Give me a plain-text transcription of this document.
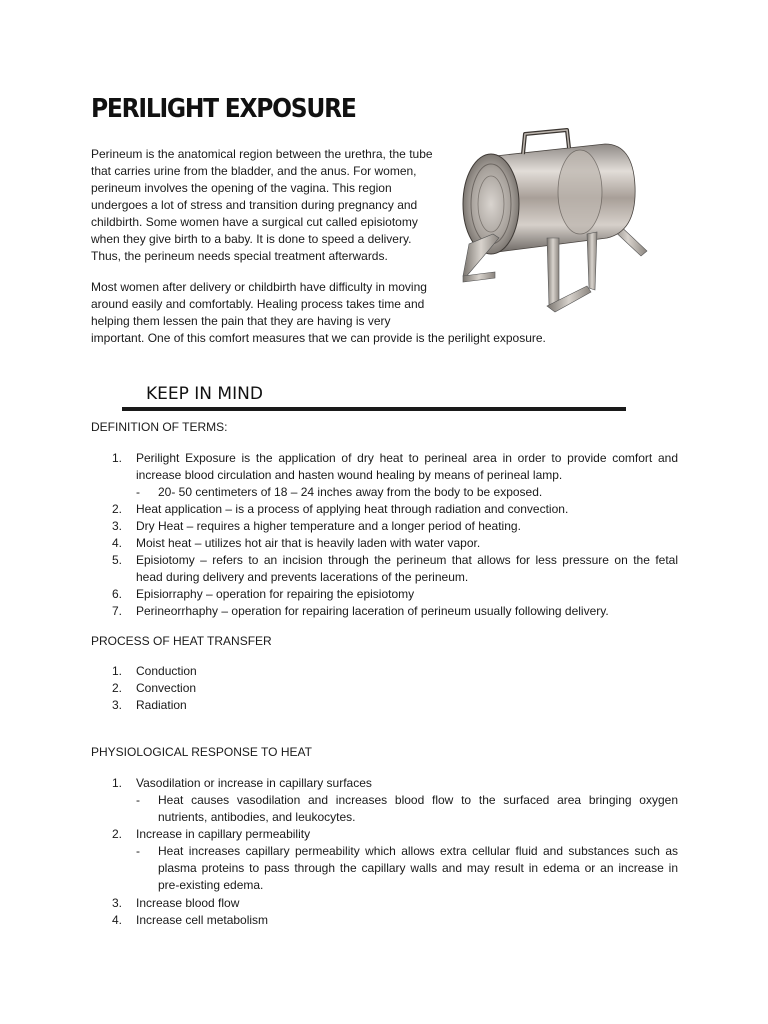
PERILIGHT EXPOSURE

Perineum is the anatomical region between the urethra, the tube
that carries urine from the bladder, and the anus. For women,
perineum involves the opening of the vagina. This region
undergoes a lot of stress and transition during pregnancy and
childbirth. Some women have a surgical cut called episiotomy
when they give birth to a baby. It is done to speed a delivery.
Thus, the perineum needs special treatment afterwards.

Most women after delivery or childbirth have difficulty in moving
around easily and comfortably. Healing process takes time and
helping them lessen the pain that they are having is very
important. One of this comfort measures that we can provide is the perilight exposure.

KEEP IN MIND

DEFINITION OF TERMS:

1. Perilight Exposure is the application of dry heat to perineal area in order to provide comfort and
increase blood circulation and hasten wound healing by means of perineal lamp.
- 20- 50 centimeters of 18 – 24 inches away from the body to be exposed.
2. Heat application – is a process of applying heat through radiation and convection.
3. Dry Heat – requires a higher temperature and a longer period of heating.
4. Moist heat – utilizes hot air that is heavily laden with water vapor.
5. Episiotomy – refers to an incision through the perineum that allows for less pressure on the fetal
head during delivery and prevents lacerations of the perineum.
6. Episiorraphy – operation for repairing the episiotomy
7. Perineorrhaphy – operation for repairing laceration of perineum usually following delivery.

PROCESS OF HEAT TRANSFER

1. Conduction
2. Convection
3. Radiation

PHYSIOLOGICAL RESPONSE TO HEAT

1. Vasodilation or increase in capillary surfaces
- Heat causes vasodilation and increases blood flow to the surfaced area bringing oxygen
nutrients, antibodies, and leukocytes.
2. Increase in capillary permeability
- Heat increases capillary permeability which allows extra cellular fluid and substances such as
plasma proteins to pass through the capillary walls and may result in edema or an increase in
pre-existing edema.
3. Increase blood flow
4. Increase cell metabolism
